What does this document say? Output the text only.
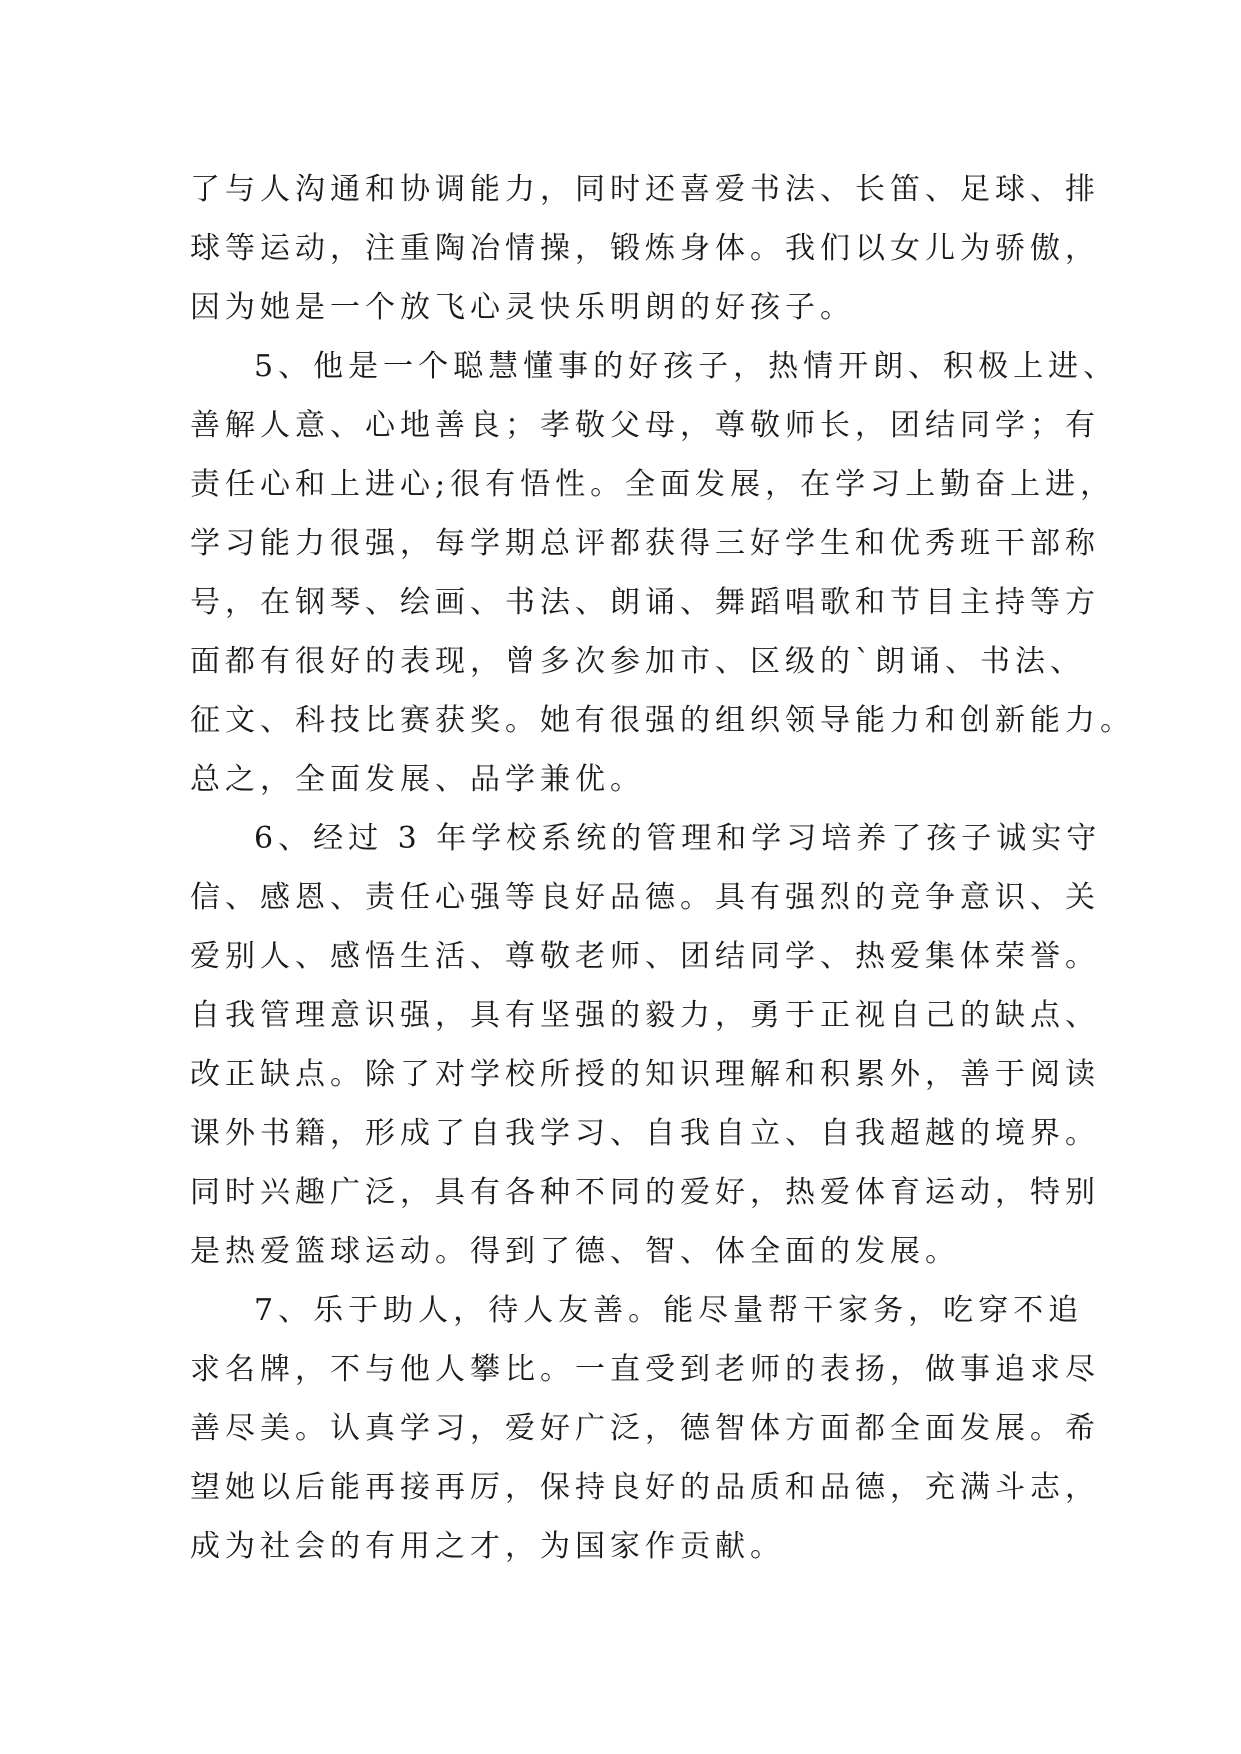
了与人沟通和协调能力，同时还喜爱书法、长笛、足球、排
球等运动，注重陶冶情操，锻炼身体。我们以女儿为骄傲，
因为她是一个放飞心灵快乐明朗的好孩子。
5、他是一个聪慧懂事的好孩子，热情开朗、积极上进、
善解人意、心地善良；孝敬父母，尊敬师长，团结同学；有
责任心和上进心;很有悟性。全面发展，在学习上勤奋上进，
学习能力很强，每学期总评都获得三好学生和优秀班干部称
号，在钢琴、绘画、书法、朗诵、舞蹈唱歌和节目主持等方
面都有很好的表现，曾多次参加市、区级的`朗诵、书法、
征文、科技比赛获奖。她有很强的组织领导能力和创新能力。
总之，全面发展、品学兼优。
6、经过 3 年学校系统的管理和学习培养了孩子诚实守
信、感恩、责任心强等良好品德。具有强烈的竞争意识、关
爱别人、感悟生活、尊敬老师、团结同学、热爱集体荣誉。
自我管理意识强，具有坚强的毅力，勇于正视自己的缺点、
改正缺点。除了对学校所授的知识理解和积累外，善于阅读
课外书籍，形成了自我学习、自我自立、自我超越的境界。
同时兴趣广泛，具有各种不同的爱好，热爱体育运动，特别
是热爱篮球运动。得到了德、智、体全面的发展。
7、乐于助人，待人友善。能尽量帮干家务，吃穿不追
求名牌，不与他人攀比。一直受到老师的表扬，做事追求尽
善尽美。认真学习，爱好广泛，德智体方面都全面发展。希
望她以后能再接再厉，保持良好的品质和品德，充满斗志，
成为社会的有用之才，为国家作贡献。
